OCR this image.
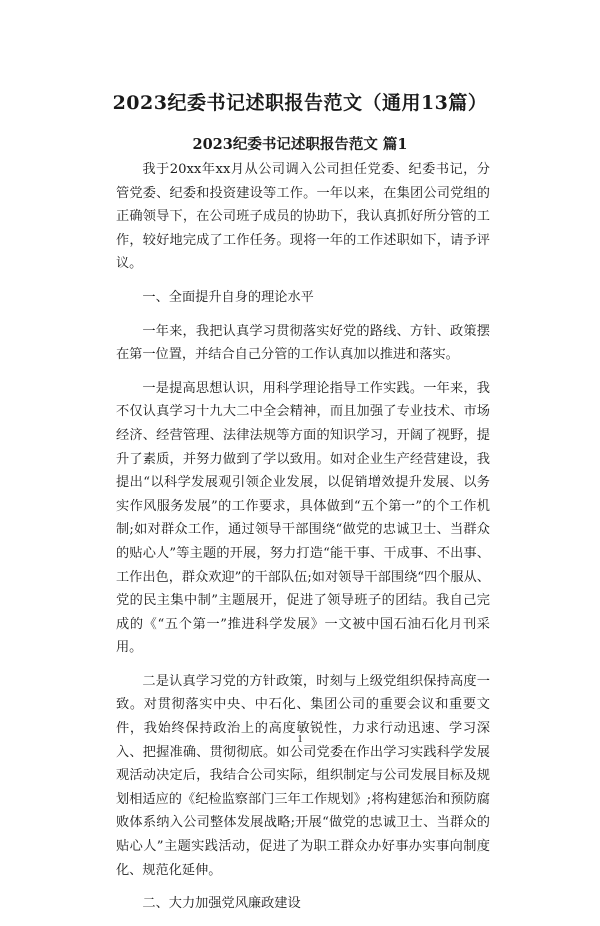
2023纪委书记述职报告范文（通用13篇）
2023纪委书记述职报告范文 篇1

我于20xx年xx月从公司调入公司担任党委、纪委书记，分管党委、纪委和投资建设等工作。一年以来，在集团公司党组的正确领导下，在公司班子成员的协助下，我认真抓好所分管的工作，较好地完成了工作任务。现将一年的工作述职如下，请予评议。

一、全面提升自身的理论水平

一年来，我把认真学习贯彻落实好党的路线、方针、政策摆在第一位置，并结合自己分管的工作认真加以推进和落实。

一是提高思想认识，用科学理论指导工作实践。一年来，我不仅认真学习十九大二中全会精神，而且加强了专业技术、市场经济、经营管理、法律法规等方面的知识学习，开阔了视野，提升了素质，并努力做到了学以致用。如对企业生产经营建设，我提出“以科学发展观引领企业发展，以促销增效提升发展、以务实作风服务发展”的工作要求，具体做到“五个第一”的个工作机制;如对群众工作，通过领导干部围绕“做党的忠诚卫士、当群众的贴心人”等主题的开展，努力打造“能干事、干成事、不出事、工作出色，群众欢迎”的干部队伍;如对领导干部围绕“四个服从、党的民主集中制”主题展开，促进了领导班子的团结。我自己完成的《“五个第一”推进科学发展》一文被中国石油石化月刊采用。

二是认真学习党的方针政策，时刻与上级党组织保持高度一致。对贯彻落实中央、中石化、集团公司的重要会议和重要文件，我始终保持政治上的高度敏锐性，力求行动迅速、学习深入、把握准确、贯彻彻底。如公司党委在作出学习实践科学发展观活动决定后，我结合公司实际，组织制定与公司发展目标及规划相适应的《纪检监察部门三年工作规划》;将构建惩治和预防腐败体系纳入公司整体发展战略;开展“做党的忠诚卫士、当群众的贴心人”主题实践活动，促进了为职工群众办好事办实事向制度化、规范化延伸。

二、大力加强党风廉政建设

1
